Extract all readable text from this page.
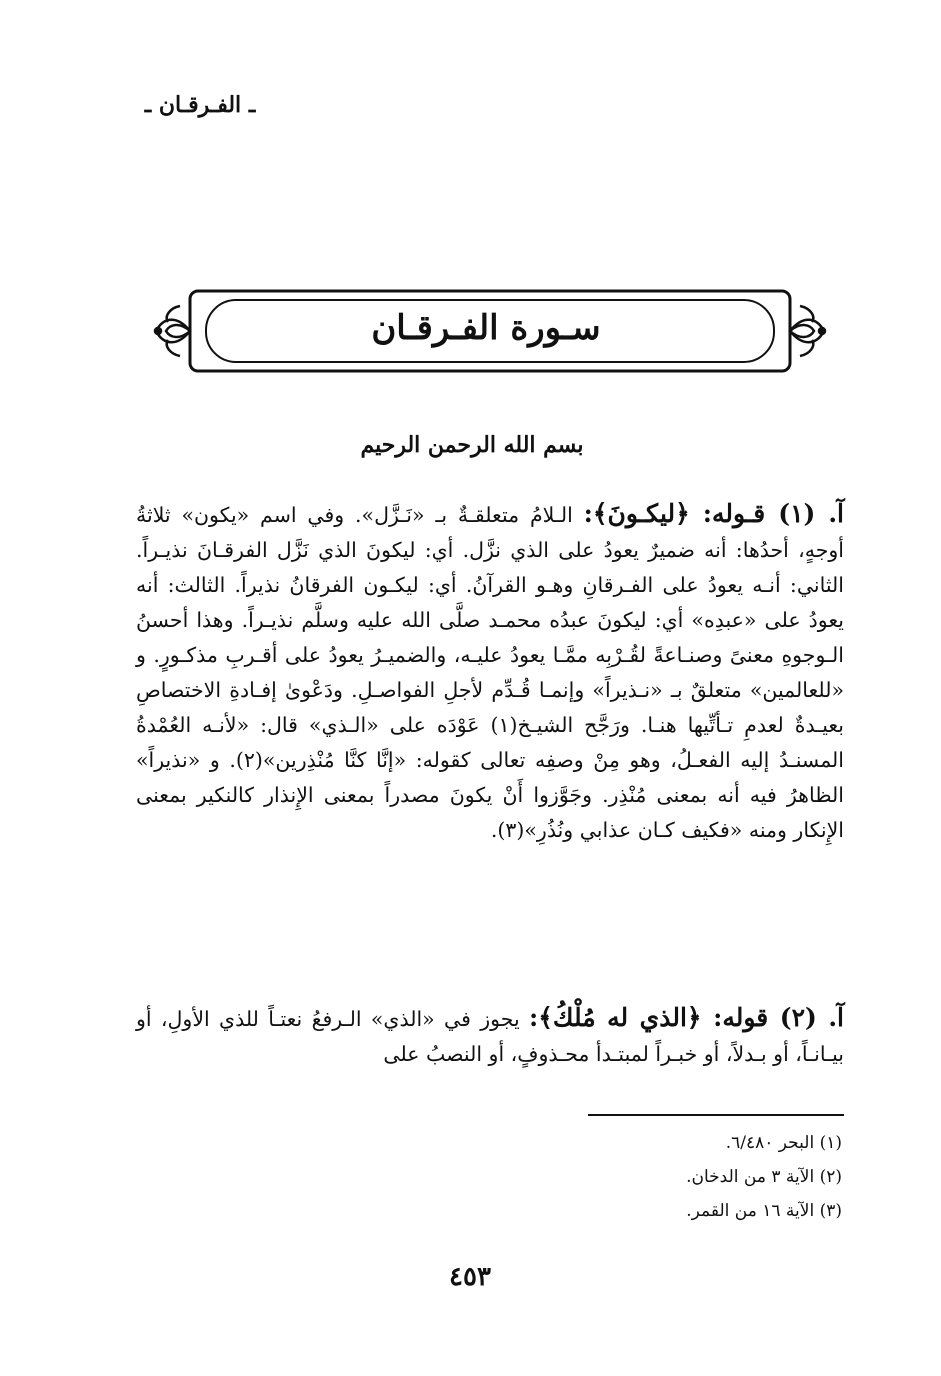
ـ الفـرقـان ـ
سـورة الفـرقـان
بسم الله الرحمن الرحيم
آ. (١) قـوله: ﴿ليكـونَ﴾: الـلامُ متعلقـةٌ بـ «نَـزَّل». وفي اسم «يكون» ثلاثةُ أوجهٍ، أحدُها: أنه ضميرٌ يعودُ على الذي نزَّل. أي: ليكونَ الذي نَزَّل الفرقـانَ نذيـراً. الثاني: أنـه يعودُ على الفـرقانِ وهـو القرآنُ. أي: ليكـون الفرقانُ نذيراً. الثالث: أنه يعودُ على «عبدِه» أي: ليكونَ عبدُه محمـد صلَّى الله عليه وسلَّم نذيـراً. وهذا أحسنُ الـوجوهِ معنىً وصنـاعةً لقُـرْبِه ممَّـا يعودُ عليـه، والضميـرُ يعودُ على أقـربِ مذكـورٍ. و «للعالمين» متعلقٌ بـ «نـذيراً» وإنمـا قُـدِّم لأجلِ الفواصـلِ. ودَعْوىٰ إفـادةِ الاختصاصِ بعيـدةٌ لعدمِ تـأتِّيها هنـا. ورَجَّح الشيـخ(١) عَوْدَه على «الـذي» قال: «لأنـه العُمْدةُ المسنـدُ إليه الفعـلُ، وهو مِنْ وصفِه تعالى كقوله: «إنَّا كنَّا مُنْذِرين»(٢). و «نذيراً» الظاهرُ فيه أنه بمعنى مُنْذِر. وجَوَّزوا أَنْ يكونَ مصدراً بمعنى الإِنذار كالنكير بمعنى الإِنكار ومنه «فكيف كـان عذابي ونُذُرِ»(٣).
آ. (٢) قوله: ﴿الذي له مُلْكُ﴾: يجوز في «الذي» الـرفعُ نعتـاً للذي الأولِ، أو بيـانـاً، أو بـدلاً، أو خبـراً لمبتـدأ محـذوفٍ، أو النصبُ على
(١) البحر ٦/٤٨٠.
(٢) الآية ٣ من الدخان.
(٣) الآية ١٦ من القمر.
٤٥٣
